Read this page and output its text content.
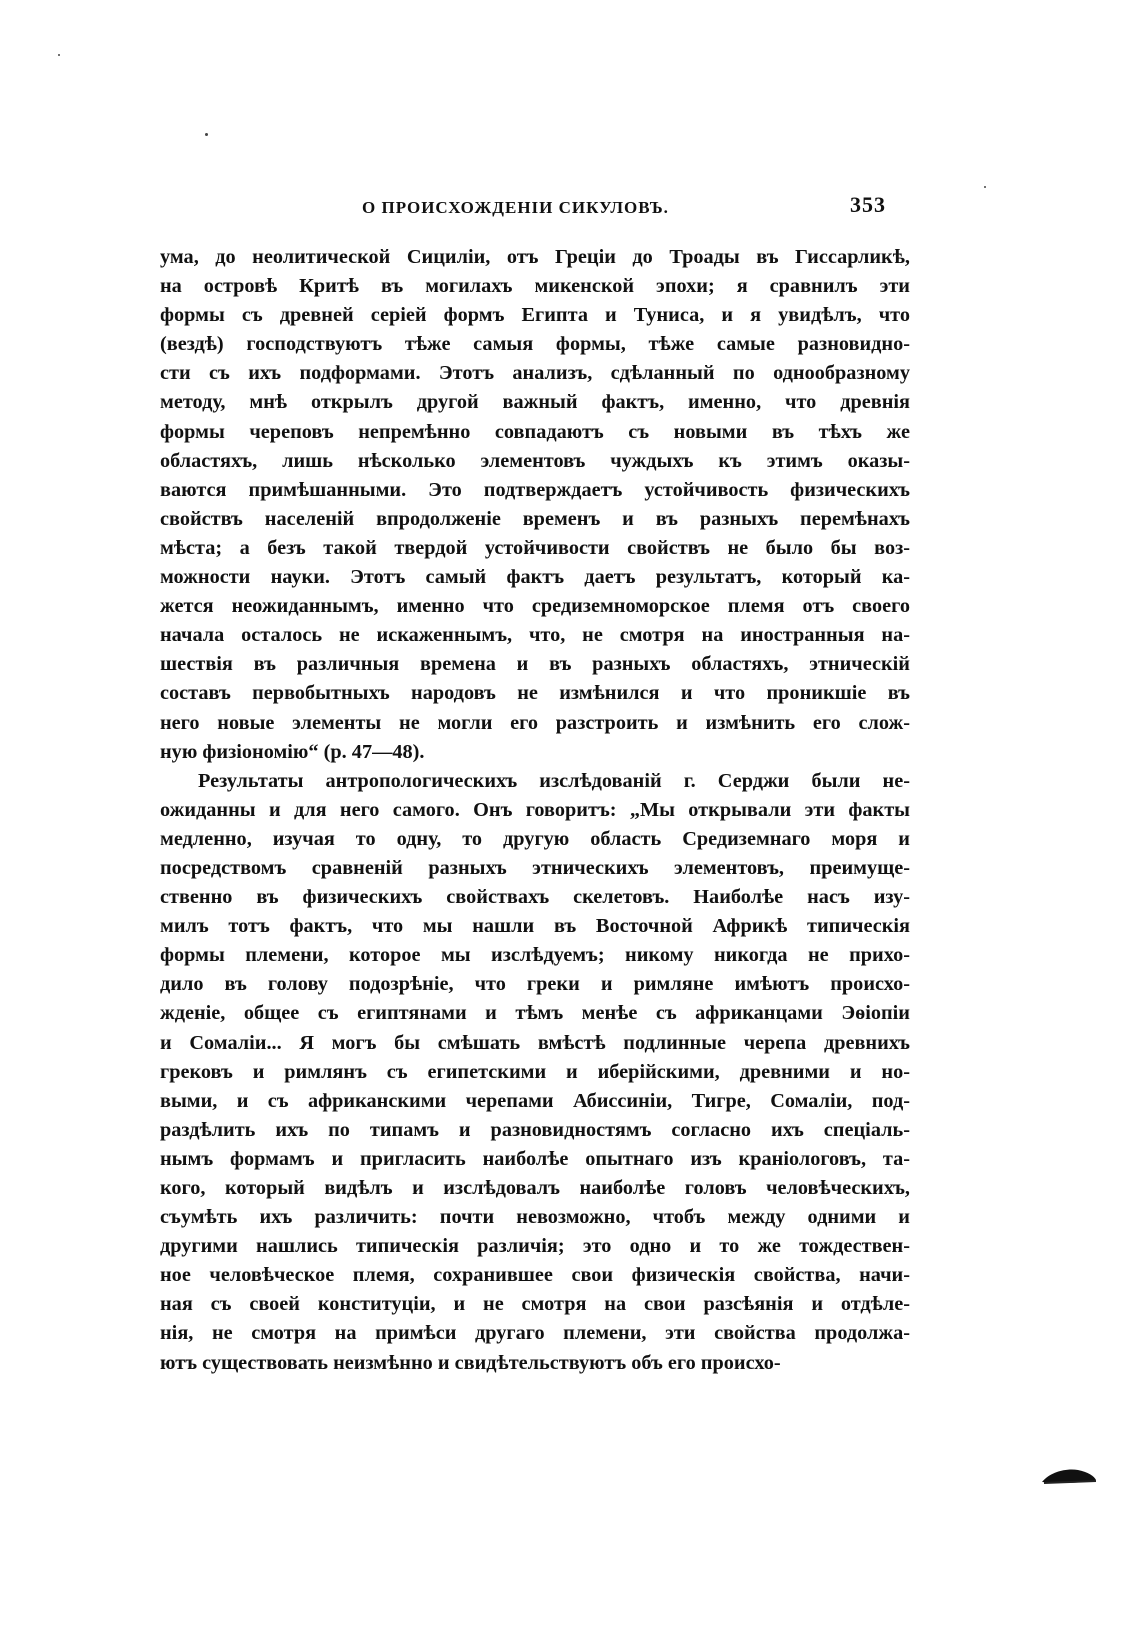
О ПРОИСХОЖДЕНІИ СИКУЛОВЪ.	353
ума, до неолитической Сициліи, отъ Греціи до Троады въ Гиссарликѣ,
на островѣ Критѣ въ могилахъ микенской эпохи; я сравнилъ эти
формы съ древней серіей формъ Египта и Туниса, и я увидѣлъ, что
(вездѣ) господствуютъ тѣже самыя формы, тѣже самые разновидно-
сти съ ихъ подформами. Этотъ анализъ, сдѣланный по однообразному
методу, мнѣ открылъ другой важный фактъ, именно, что древнія
формы череповъ непремѣнно совпадаютъ съ новыми въ тѣхъ же
областяхъ, лишь нѣсколько элементовъ чуждыхъ къ этимъ оказы-
ваются примѣшанными. Это подтверждаетъ устойчивость физическихъ
свойствъ населеній впродолженіе временъ и въ разныхъ перемѣнахъ
мѣста; а безъ такой твердой устойчивости свойствъ не было бы воз-
можности науки. Этотъ самый фактъ даетъ результатъ, который ка-
жется неожиданнымъ, именно что средиземноморское племя отъ своего
начала осталось не искаженнымъ, что, не смотря на иностранныя на-
шествія въ различныя времена и въ разныхъ областяхъ, этническій
составъ первобытныхъ народовъ не измѣнился и что проникшіе въ
него новые элементы не могли его разстроить и измѣнить его слож-
ную физіономію“ (р. 47—48).
Результаты антропологическихъ изслѣдованій г. Серджи были не-
ожиданны и для него самого. Онъ говоритъ: „Мы открывали эти факты
медленно, изучая то одну, то другую область Средиземнаго моря и
посредствомъ сравненій разныхъ этническихъ элементовъ, преимуще-
ственно въ физическихъ свойствахъ скелетовъ. Наиболѣе насъ изу-
милъ тотъ фактъ, что мы нашли въ Восточной Африкѣ типическія
формы племени, которое мы изслѣдуемъ; никому никогда не прихо-
дило въ голову подозрѣніе, что греки и римляне имѣютъ происхо-
жденіе, общее съ египтянами и тѣмъ менѣе съ африканцами Эѳіопіи
и Сомаліи... Я могъ бы смѣшать вмѣстѣ подлинные черепа древнихъ
грековъ и римлянъ съ египетскими и иберійскими, древними и но-
выми, и съ африканскими черепами Абиссиніи, Тигре, Сомаліи, под-
раздѣлить ихъ по типамъ и разновидностямъ согласно ихъ спеціаль-
нымъ формамъ и пригласить наиболѣе опытнаго изъ краніологовъ, та-
кого, который видѣлъ и изслѣдовалъ наиболѣе головъ человѣческихъ,
съумѣть ихъ различить: почти невозможно, чтобъ между одними и
другими нашлись типическія различія; это одно и то же тождествен-
ное человѣческое племя, сохранившее свои физическія свойства, начи-
ная съ своей конституціи, и не смотря на свои разсѣянія и отдѣле-
нія, не смотря на примѣси другаго племени, эти свойства продолжа-
ютъ существовать неизмѣнно и свидѣтельствуютъ объ его происхо-
